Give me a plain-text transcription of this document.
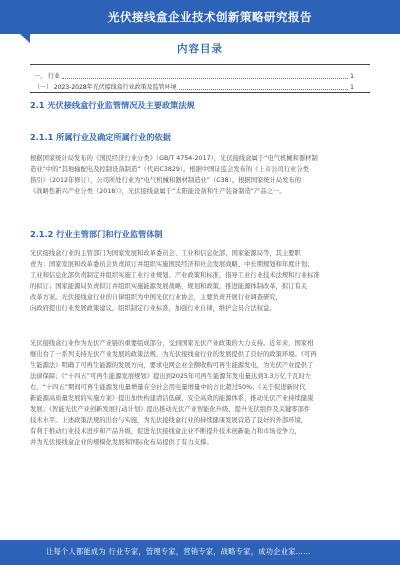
光伏接线盒企业技术创新策略研究报告
内容目录
一、 行业	1
（一） 2023-2028年光伏接线盒行业政策及监管环境	1
2.1 光伏接线盒行业监管情况及主要政策法规
2.1.1 所属行业及确定所属行业的依据
根据国家统计局发布的《国民经济行业分类》（GB/T 4754-2017），光伏接线盒属于“电气机械和器材制
造业”中的“其他输配电及控制设备制造”（代码C3829）。根据中国证监会发布的《上市公司行业分类
指引》（2012年修订），公司所处行业为“电气机械和器材制造业”（C38）。根据国家统计局发布的
《战略性新兴产业分类（2018）》，光伏接线盒属于“太阳能设备和生产装备制造”产品之一。
2.1.2 行业主管部门和行业监管体制
光伏接线盒行业的主管部门为国家发展和改革委员会、工业和信息化部、国家能源局等，其主要职
责为：国家发展和改革委员会负责拟订并组织实施国民经济和社会发展战略、中长期规划和年度计划；
工业和信息化部负责制定并组织实施工业行业规划、产业政策和标准，指导工业行业技术法规和行业标准
的拟订；国家能源局负责拟订并组织实施能源发展战略、规划和政策，推进能源体制改革，拟订有关
改革方案。光伏接线盒行业的自律组织为中国光伏行业协会，主要负责开展行业调查研究，
向政府提出行业发展政策建议，组织制定行业标准，加强行业自律，维护会员合法权益。
光伏接线盒行业作为光伏产业链的重要组成部分，受到国家光伏产业政策的大力支持。近年来，国家相
继出台了一系列支持光伏产业发展的政策法规，为光伏接线盒行业的发展提供了良好的政策环境。《可再
生能源法》明确了可再生能源的发展方向，要求电网企业全额收购可再生能源发电，为光伏产业提供了
法律保障；《“十四五”可再生能源发展规划》提出到2025年可再生能源年发电量达到3.3万亿千瓦时左
右，“十四五”期间可再生能源发电量增量在全社会用电量增量中的占比超过50%；《关于促进新时代
新能源高质量发展的实施方案》提出加快构建清洁低碳、安全高效的能源体系，推动光伏产业持续健康
发展；《智能光伏产业创新发展行动计划》提出推动光伏产业智能化升级，提升光伏组件及关键零部件
技术水平。上述政策法规的出台与实施，为光伏接线盒行业的持续健康发展营造了良好的外部环境，
有利于推动行业技术进步和产品升级，促进光伏接线盒企业不断提升技术创新能力和市场竞争力，
并为光伏接线盒企业的规模化发展和国际化布局提供了有力支撑。
让每个人都能成为 行业专家，管理专家，营销专家，战略专家，成功企业家……
